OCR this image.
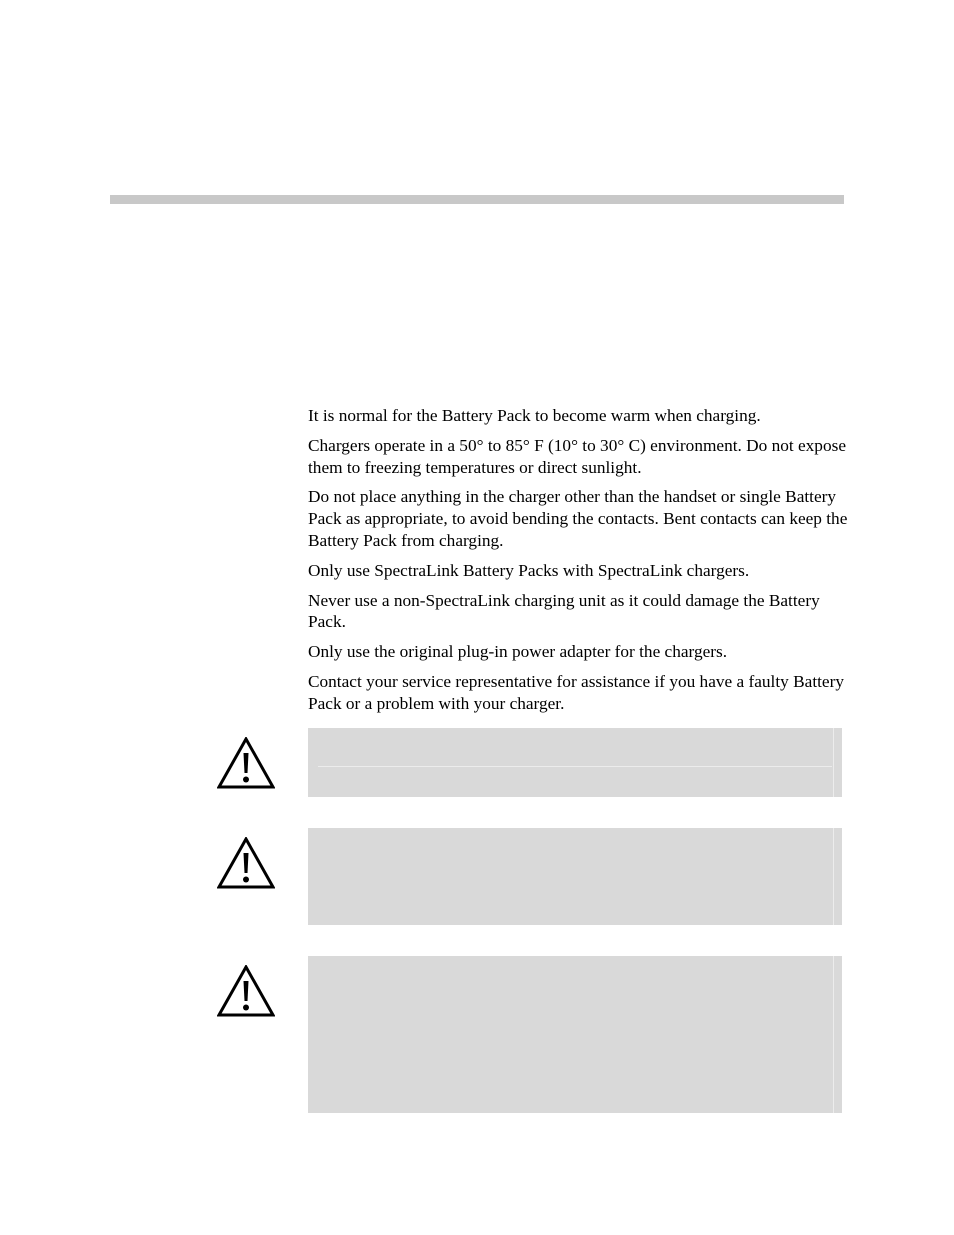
It is normal for the Battery Pack to become warm when charging.

Chargers operate in a 50° to 85° F (10° to 30° C) environment. Do not expose them to freezing temperatures or direct sunlight.

Do not place anything in the charger other than the handset or single Battery Pack as appropriate, to avoid bending the contacts. Bent contacts can keep the Battery Pack from charging.

Only use SpectraLink Battery Packs with SpectraLink chargers.

Never use a non-SpectraLink charging unit as it could damage the Battery Pack.

Only use the original plug-in power adapter for the chargers.

Contact your service representative for assistance if you have a faulty Battery Pack or a problem with your charger.
